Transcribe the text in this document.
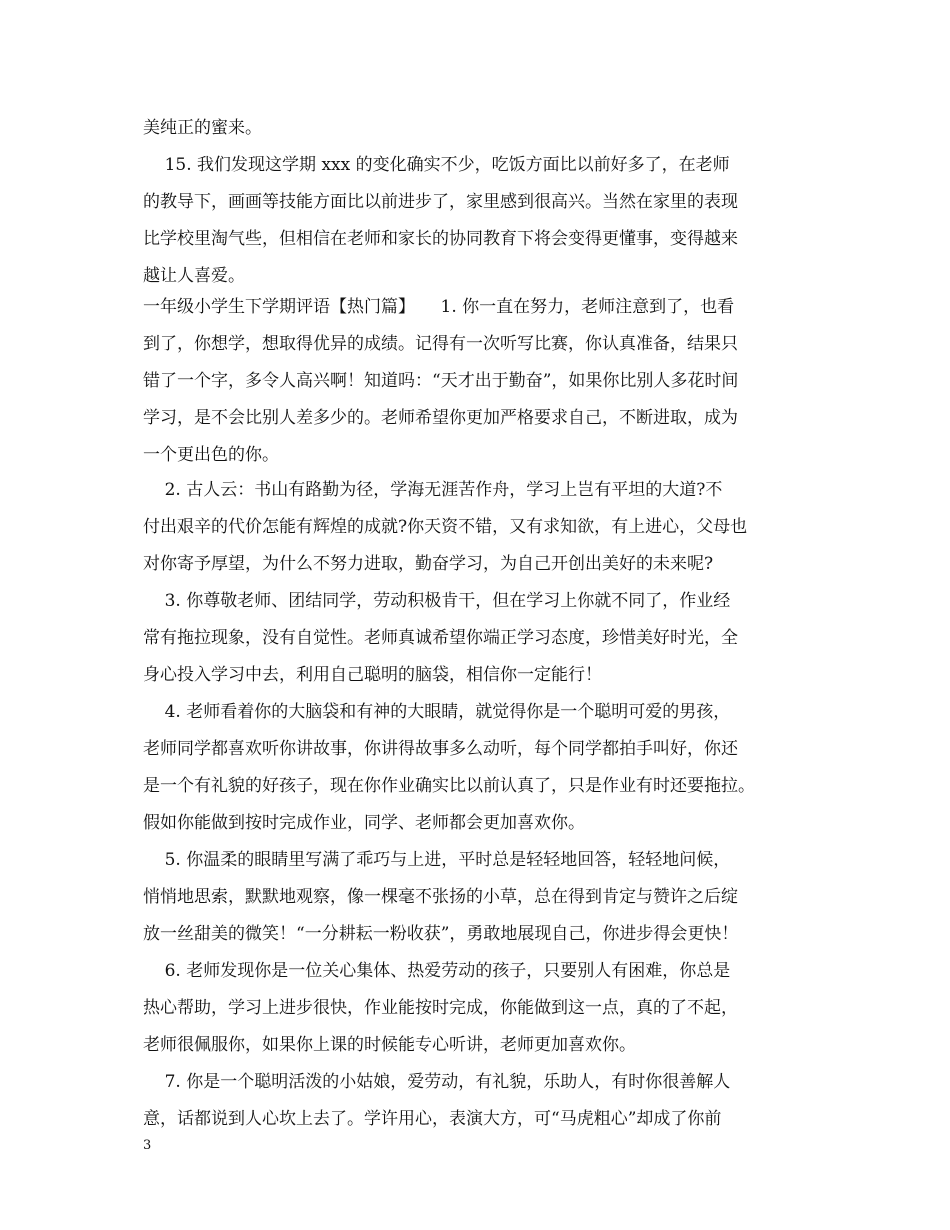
美纯正的蜜来。
15. 我们发现这学期 xxx 的变化确实不少，吃饭方面比以前好多了，在老师
的教导下，画画等技能方面比以前进步了，家里感到很高兴。当然在家里的表现
比学校里淘气些，但相信在老师和家长的协同教育下将会变得更懂事，变得越来
越让人喜爱。
一年级小学生下学期评语【热门篇】　　1. 你一直在努力，老师注意到了，也看
到了，你想学，想取得优异的成绩。记得有一次听写比赛，你认真准备，结果只
错了一个字，多令人高兴啊！知道吗：“天才出于勤奋”，如果你比别人多花时间
学习，是不会比别人差多少的。老师希望你更加严格要求自己，不断进取，成为
一个更出色的你。
2. 古人云：书山有路勤为径，学海无涯苦作舟，学习上岂有平坦的大道?不
付出艰辛的代价怎能有辉煌的成就?你天资不错，又有求知欲，有上进心，父母也
对你寄予厚望，为什么不努力进取，勤奋学习，为自己开创出美好的未来呢?
3. 你尊敬老师、团结同学，劳动积极肯干，但在学习上你就不同了，作业经
常有拖拉现象，没有自觉性。老师真诚希望你端正学习态度，珍惜美好时光，全
身心投入学习中去，利用自己聪明的脑袋，相信你一定能行！
4. 老师看着你的大脑袋和有神的大眼睛，就觉得你是一个聪明可爱的男孩，
老师同学都喜欢听你讲故事，你讲得故事多么动听，每个同学都拍手叫好，你还
是一个有礼貌的好孩子，现在你作业确实比以前认真了，只是作业有时还要拖拉。
假如你能做到按时完成作业，同学、老师都会更加喜欢你。
5. 你温柔的眼睛里写满了乖巧与上进，平时总是轻轻地回答，轻轻地问候，
悄悄地思索，默默地观察，像一棵毫不张扬的小草，总在得到肯定与赞许之后绽
放一丝甜美的微笑！“一分耕耘一粉收获”，勇敢地展现自己，你进步得会更快！
6. 老师发现你是一位关心集体、热爱劳动的孩子，只要别人有困难，你总是
热心帮助，学习上进步很快，作业能按时完成，你能做到这一点，真的了不起，
老师很佩服你，如果你上课的时候能专心听讲，老师更加喜欢你。
7. 你是一个聪明活泼的小姑娘，爱劳动，有礼貌，乐助人，有时你很善解人
意，话都说到人心坎上去了。学许用心，表演大方，可“马虎粗心”却成了你前
3
